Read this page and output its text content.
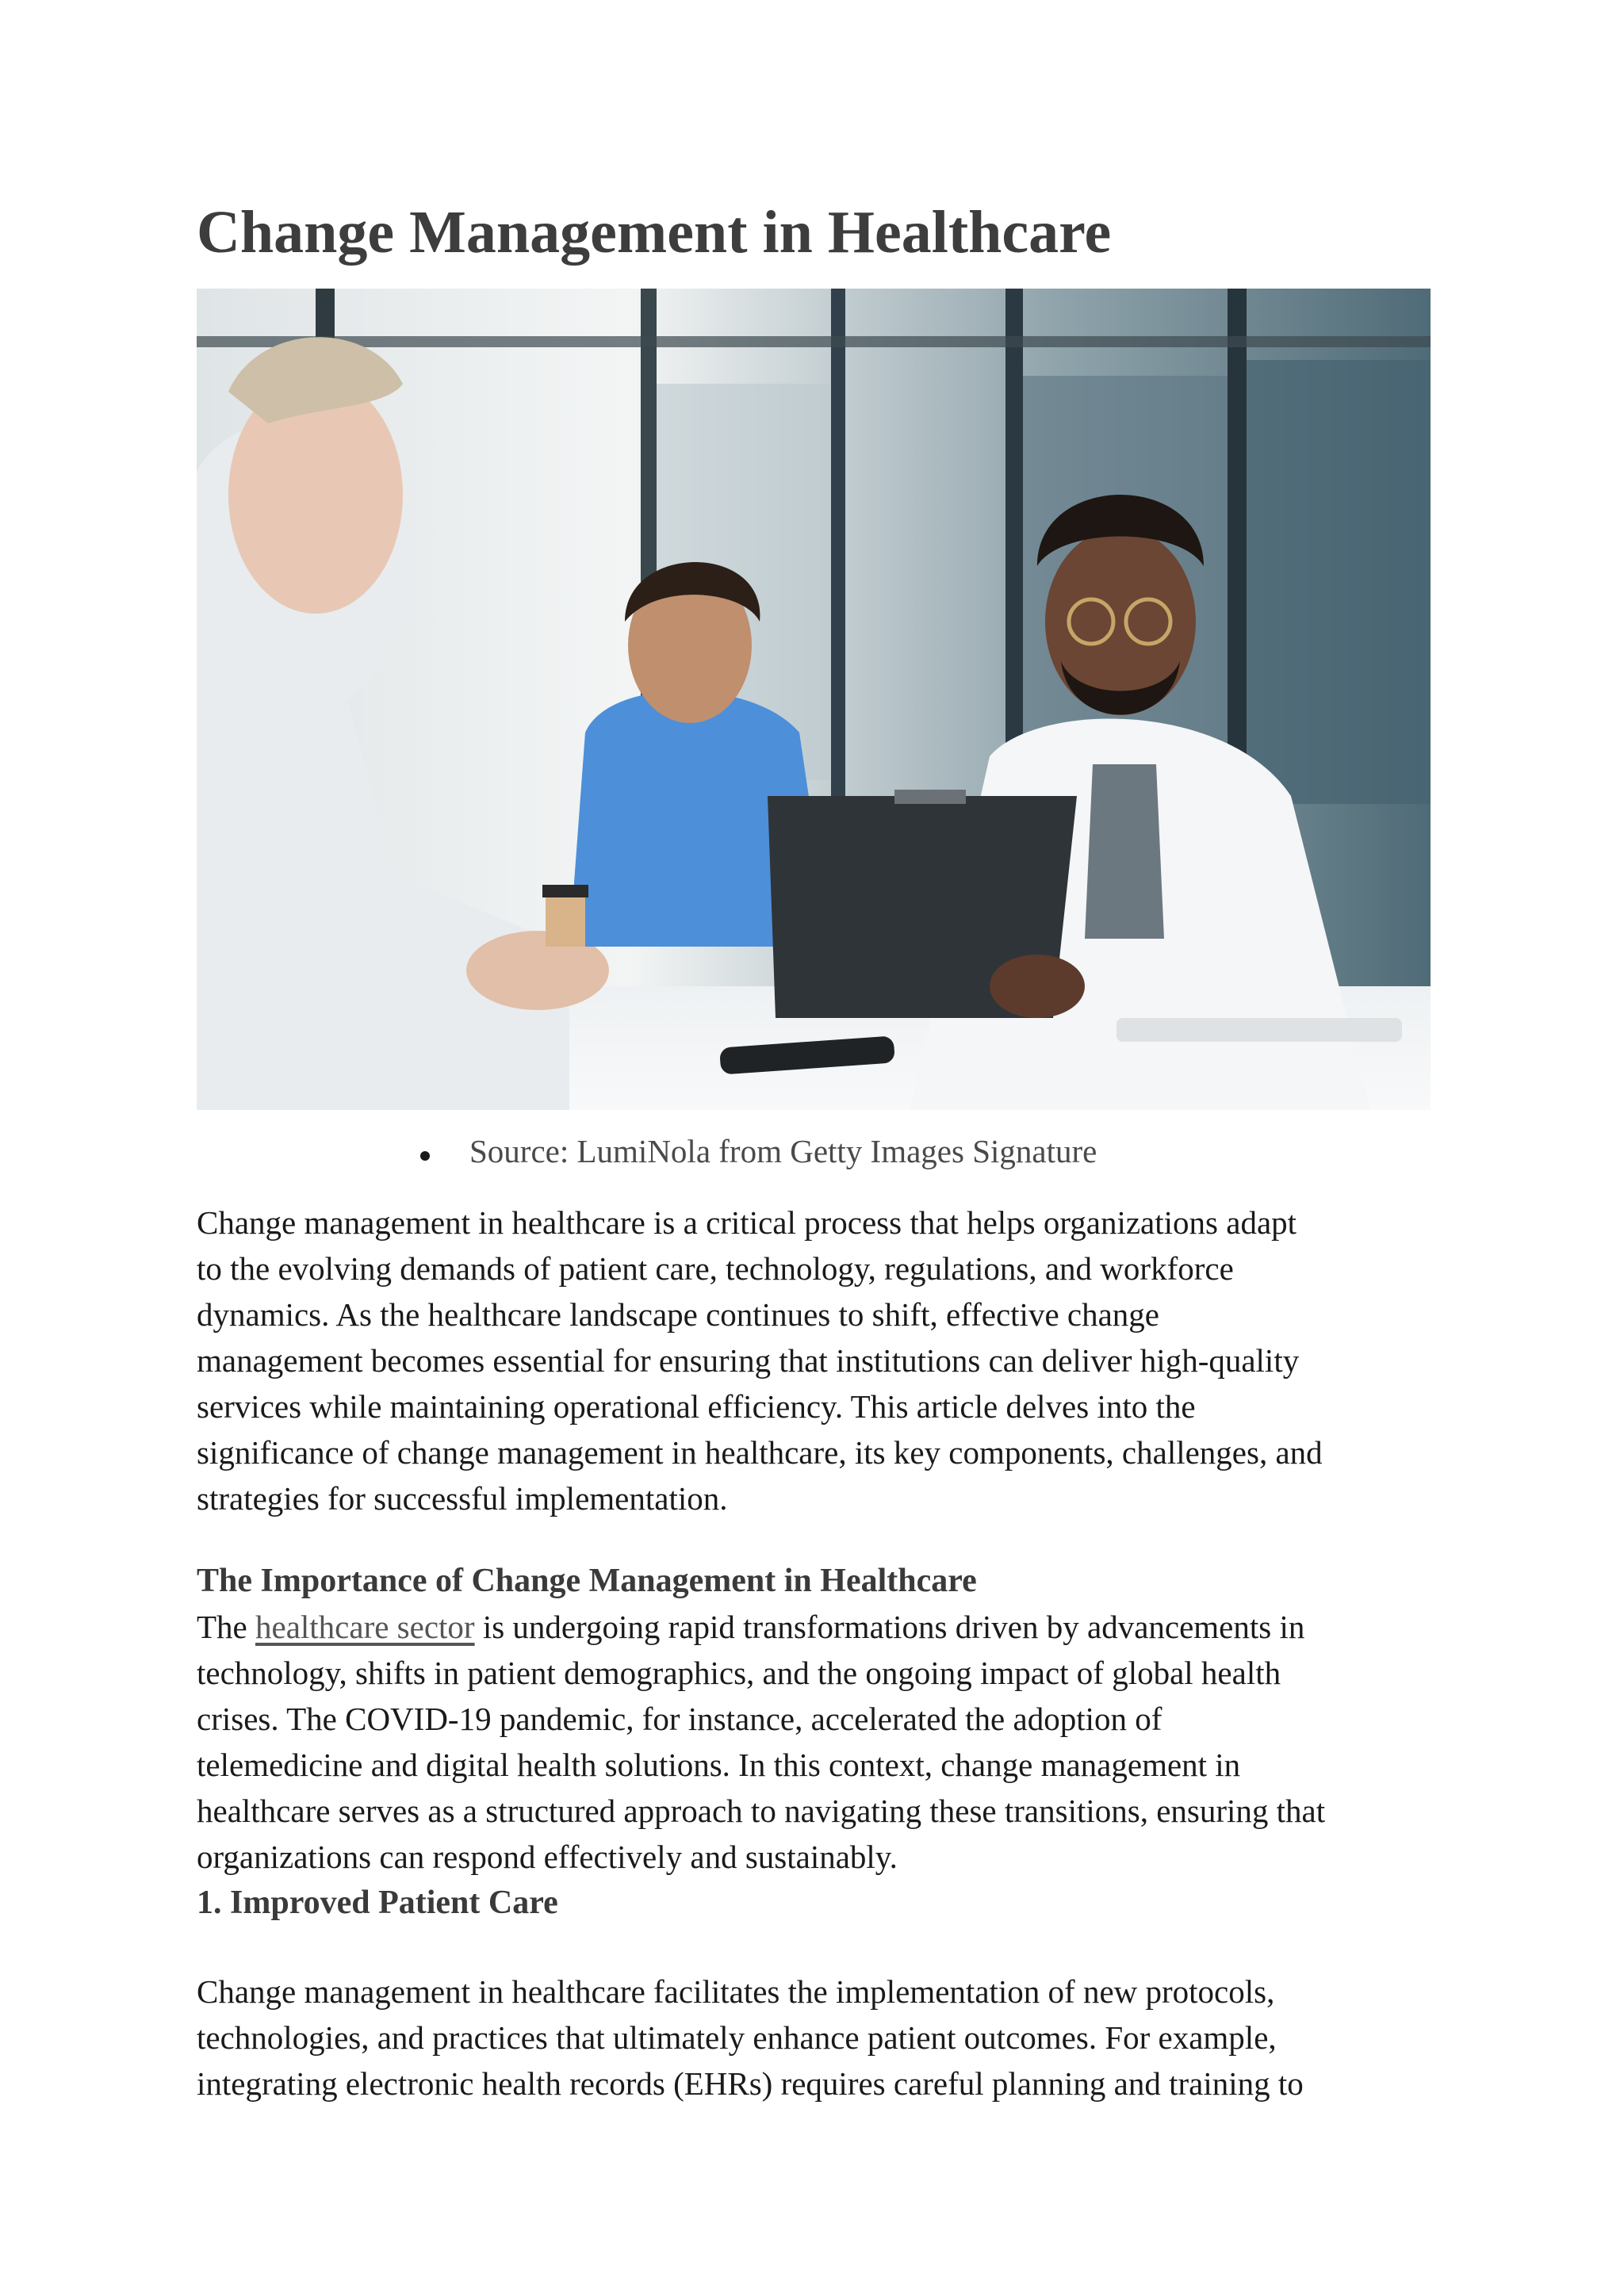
Change Management in Healthcare
Source: LumiNola from Getty Images Signature

Change management in healthcare is a critical process that helps organizations adapt
to the evolving demands of patient care, technology, regulations, and workforce
dynamics. As the healthcare landscape continues to shift, effective change
management becomes essential for ensuring that institutions can deliver high-quality
services while maintaining operational efficiency. This article delves into the
significance of change management in healthcare, its key components, challenges, and
strategies for successful implementation.

The Importance of Change Management in Healthcare

The healthcare sector is undergoing rapid transformations driven by advancements in
technology, shifts in patient demographics, and the ongoing impact of global health
crises. The COVID-19 pandemic, for instance, accelerated the adoption of
telemedicine and digital health solutions. In this context, change management in
healthcare serves as a structured approach to navigating these transitions, ensuring that
organizations can respond effectively and sustainably.

1. Improved Patient Care

Change management in healthcare facilitates the implementation of new protocols,
technologies, and practices that ultimately enhance patient outcomes. For example,
integrating electronic health records (EHRs) requires careful planning and training to
